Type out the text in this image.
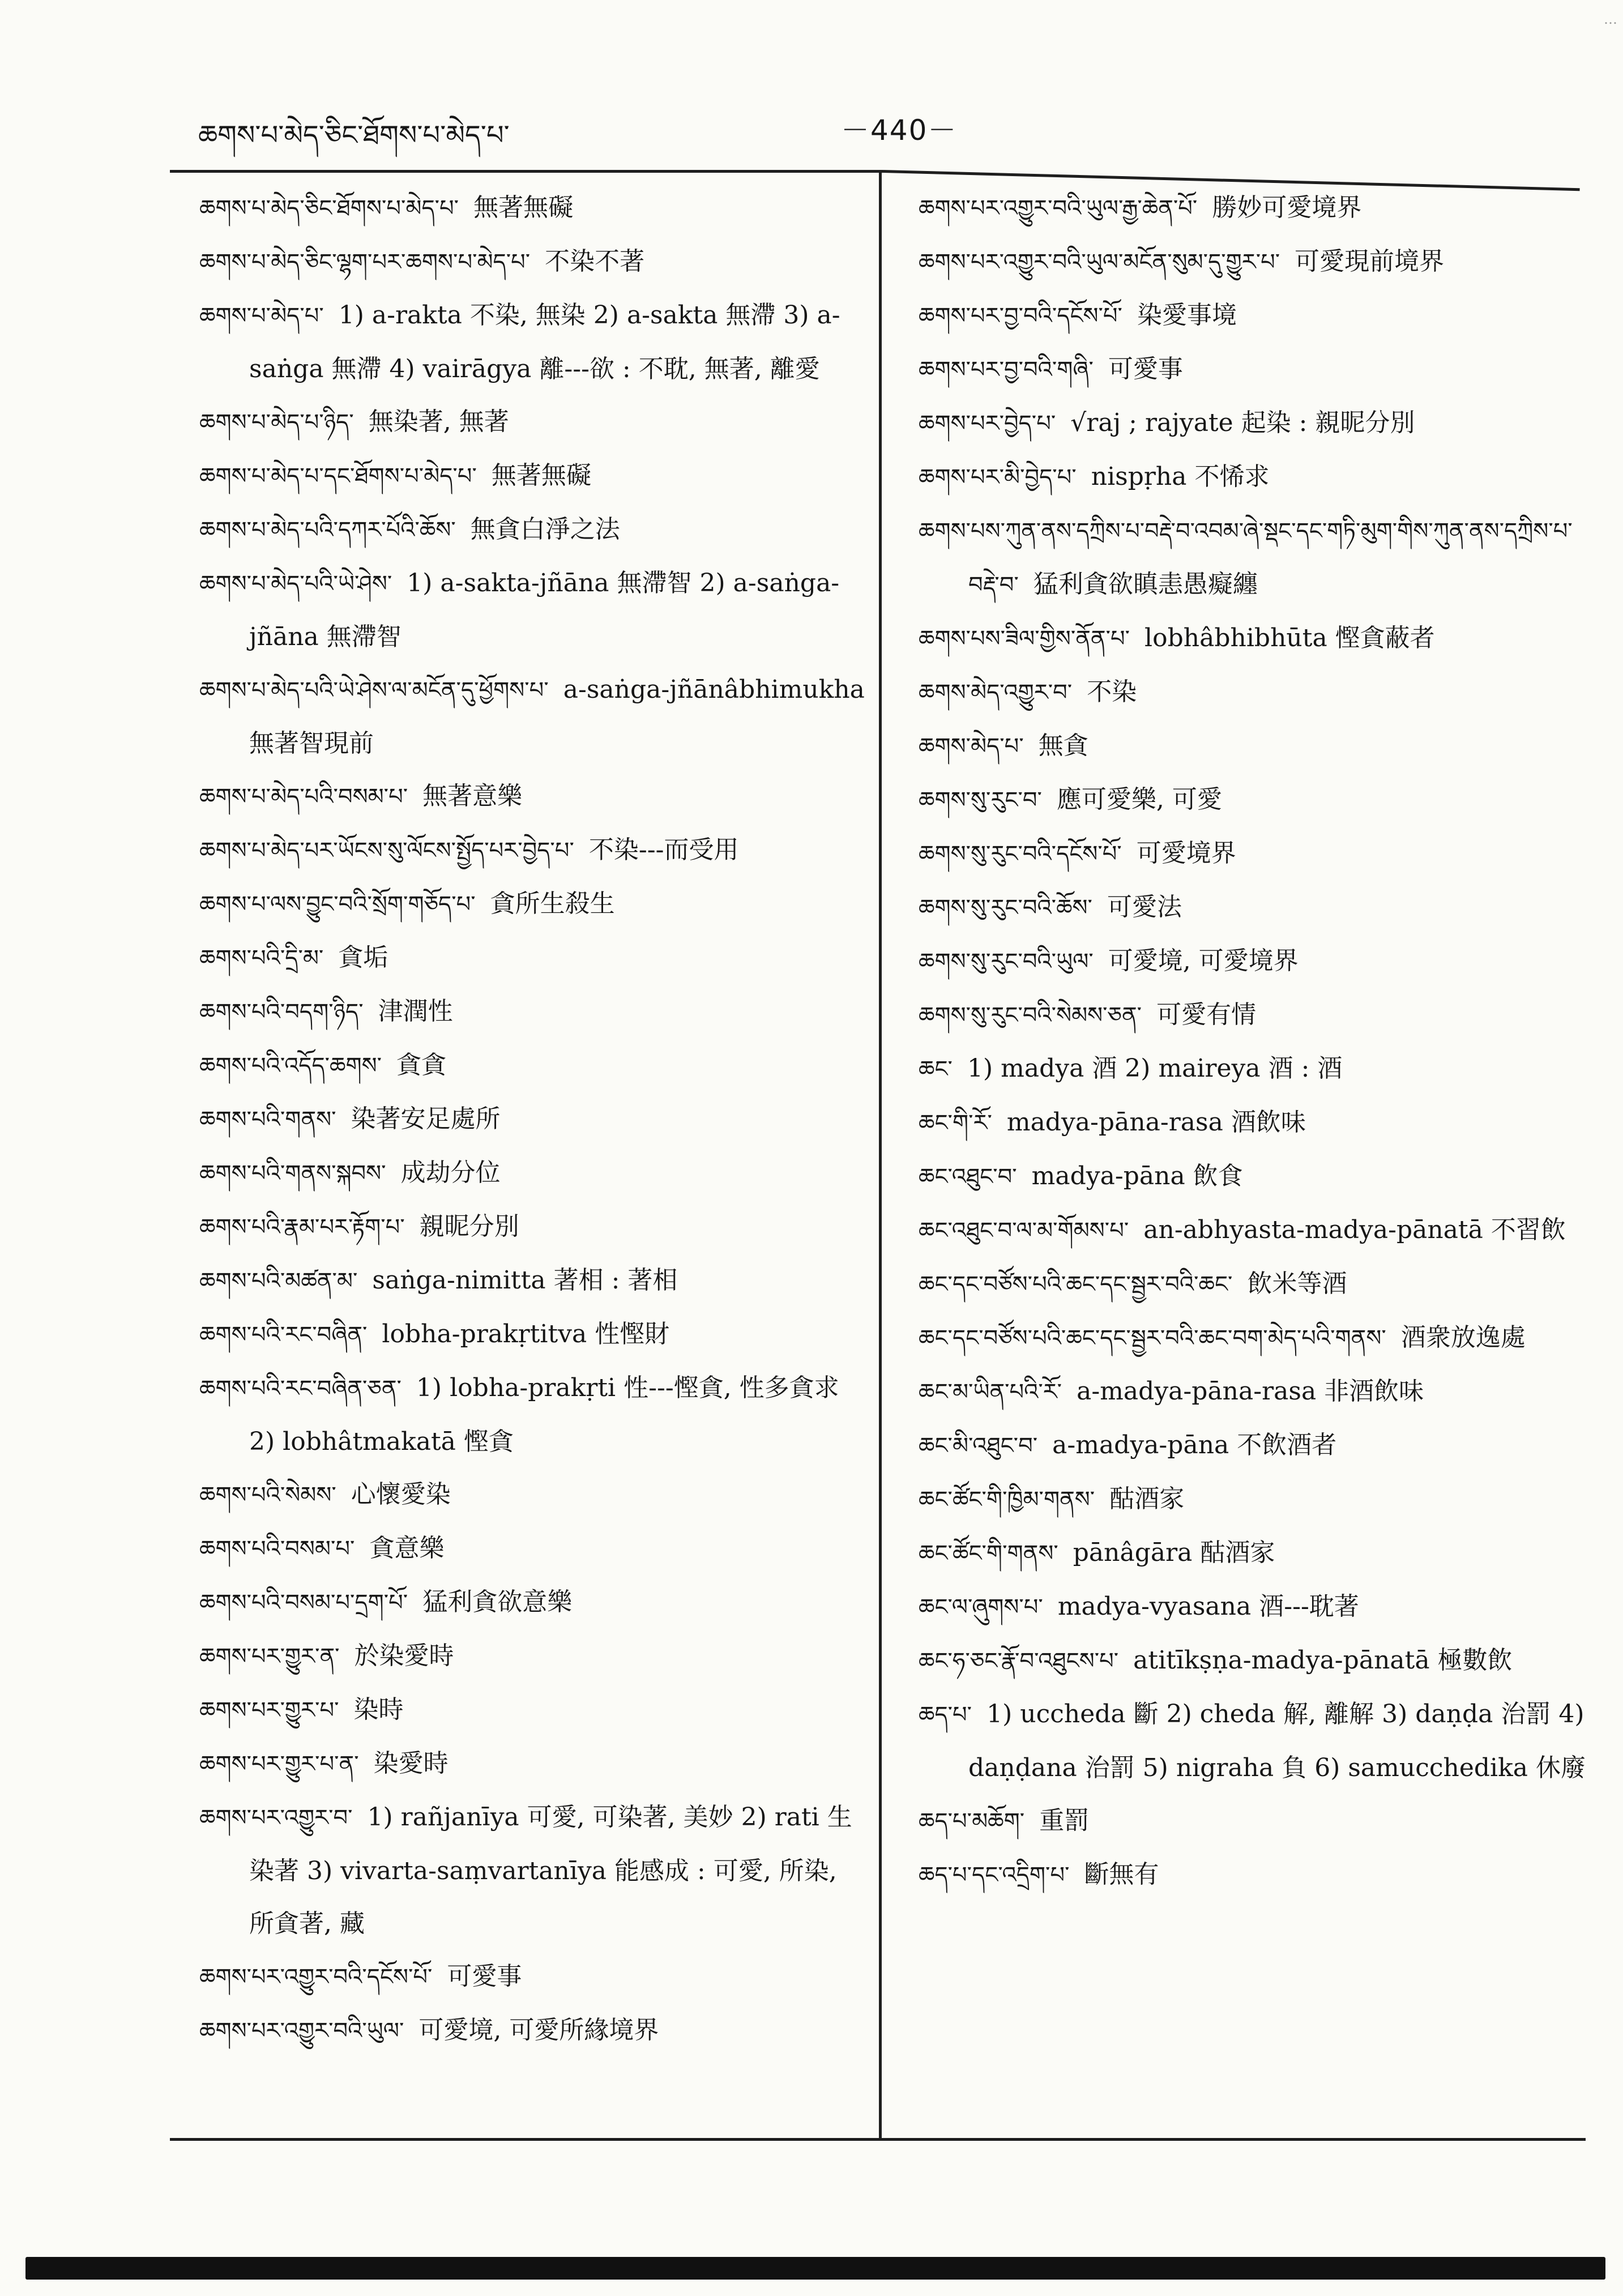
ཆགས་པ་མེད་ཅིང་ཐོགས་པ་མེད་པ་	－440－
…
ཆགས་པ་མེད་ཅིང་ཐོགས་པ་མེད་པ་ 無著無礙
ཆགས་པ་མེད་ཅིང་ལྷག་པར་ཆགས་པ་མེད་པ་ 不染不著
ཆགས་པ་མེད་པ་ 1) a-rakta 不染, 無染 2) a-sakta 無滯 3) a-saṅga 無滯 4) vairāgya 離---欲 : 不耽, 無著, 離愛
ཆགས་པ་མེད་པ་ཉིད་ 無染著, 無著
ཆགས་པ་མེད་པ་དང་ཐོགས་པ་མེད་པ་ 無著無礙
ཆགས་པ་མེད་པའི་དཀར་པོའི་ཆོས་ 無貪白淨之法
ཆགས་པ་མེད་པའི་ཡེ་ཤེས་ 1) a-sakta-jñāna 無滯智 2) a-saṅga-jñāna 無滯智
ཆགས་པ་མེད་པའི་ཡེ་ཤེས་ལ་མངོན་དུ་ཕྱོགས་པ་ a-saṅga-jñānâbhimukha 無著智現前
ཆགས་པ་མེད་པའི་བསམ་པ་ 無著意樂
ཆགས་པ་མེད་པར་ཡོངས་སུ་ལོངས་སྤྱོད་པར་བྱེད་པ་ 不染---而受用
ཆགས་པ་ལས་བྱུང་བའི་སྲོག་གཅོད་པ་ 貪所生殺生
ཆགས་པའི་དྲི་མ་ 貪垢
ཆགས་པའི་བདག་ཉིད་ 津潤性
ཆགས་པའི་འདོད་ཆགས་ 貪貪
ཆགས་པའི་གནས་ 染著安足處所
ཆགས་པའི་གནས་སྐབས་ 成劫分位
ཆགས་པའི་རྣམ་པར་རྟོག་པ་ 親昵分別
ཆགས་པའི་མཚན་མ་ saṅga-nimitta 著相 : 著相
ཆགས་པའི་རང་བཞིན་ lobha-prakṛtitva 性慳財
ཆགས་པའི་རང་བཞིན་ཅན་ 1) lobha-prakṛti 性---慳貪, 性多貪求 2) lobhâtmakatā 慳貪
ཆགས་པའི་སེམས་ 心懷愛染
ཆགས་པའི་བསམ་པ་ 貪意樂
ཆགས་པའི་བསམ་པ་དྲག་པོ་ 猛利貪欲意樂
ཆགས་པར་གྱུར་ན་ 於染愛時
ཆགས་པར་གྱུར་པ་ 染時
ཆགས་པར་གྱུར་པ་ན་ 染愛時
ཆགས་པར་འགྱུར་བ་ 1) rañjanīya 可愛, 可染著, 美妙 2) rati 生染著 3) vivarta-saṃvartanīya 能感成 : 可愛, 所染, 所貪著, 藏
ཆགས་པར་འགྱུར་བའི་དངོས་པོ་ 可愛事
ཆགས་པར་འགྱུར་བའི་ཡུལ་ 可愛境, 可愛所緣境界
ཆགས་པར་འགྱུར་བའི་ཡུལ་རྒྱ་ཆེན་པོ་ 勝妙可愛境界
ཆགས་པར་འགྱུར་བའི་ཡུལ་མངོན་སུམ་དུ་གྱུར་པ་ 可愛現前境界
ཆགས་པར་བྱ་བའི་དངོས་པོ་ 染愛事境
ཆགས་པར་བྱ་བའི་གཞི་ 可愛事
ཆགས་པར་བྱེད་པ་ √raj ; rajyate 起染 : 親昵分別
ཆགས་པར་མི་བྱེད་པ་ nispṛha 不悕求
ཆགས་པས་ཀུན་ནས་དཀྲིས་པ་བརྡེ་བ་འབམ་ཞེ་སྡང་དང་གཏི་མུག་གིས་ཀུན་ནས་དཀྲིས་པ་བརྡེ་བ་ 猛利貪欲瞋恚愚癡纏
ཆགས་པས་ཟིལ་གྱིས་ནོན་པ་ lobhâbhibhūta 慳貪蔽者
ཆགས་མེད་འགྱུར་བ་ 不染
ཆགས་མེད་པ་ 無貪
ཆགས་སུ་རུང་བ་ 應可愛樂, 可愛
ཆགས་སུ་རུང་བའི་དངོས་པོ་ 可愛境界
ཆགས་སུ་རུང་བའི་ཆོས་ 可愛法
ཆགས་སུ་རུང་བའི་ཡུལ་ 可愛境, 可愛境界
ཆགས་སུ་རུང་བའི་སེམས་ཅན་ 可愛有情
ཆང་ 1) madya 酒 2) maireya 酒 : 酒
ཆང་གི་རོ་ madya-pāna-rasa 酒飲味
ཆང་འཐུང་བ་ madya-pāna 飲食
ཆང་འཐུང་བ་ལ་མ་གོམས་པ་ an-abhyasta-madya-pānatā 不習飲
ཆང་དང་བཙོས་པའི་ཆང་དང་སྦྱར་བའི་ཆང་ 飲米等酒
ཆང་དང་བཙོས་པའི་ཆང་དང་སྦྱར་བའི་ཆང་བག་མེད་པའི་གནས་ 酒衆放逸處
ཆང་མ་ཡིན་པའི་རོ་ a-madya-pāna-rasa 非酒飲味
ཆང་མི་འཐུང་བ་ a-madya-pāna 不飲酒者
ཆང་ཚོང་གི་ཁྱིམ་གནས་ 酤酒家
ཆང་ཚོང་གི་གནས་ pānâgāra 酤酒家
ཆང་ལ་ཞུགས་པ་ madya-vyasana 酒---耽著
ཆང་ཧ་ཅང་རྣོ་བ་འཐུངས་པ་ atitīkṣṇa-madya-pānatā 極數飲
ཆད་པ་ 1) uccheda 斷 2) cheda 解, 離解 3) daṇḍa 治罰 4) daṇḍana 治罰 5) nigraha 負 6) samucchedika 休廢
ཆད་པ་མཆོག་ 重罰
ཆད་པ་དང་འདྲིག་པ་ 斷無有
